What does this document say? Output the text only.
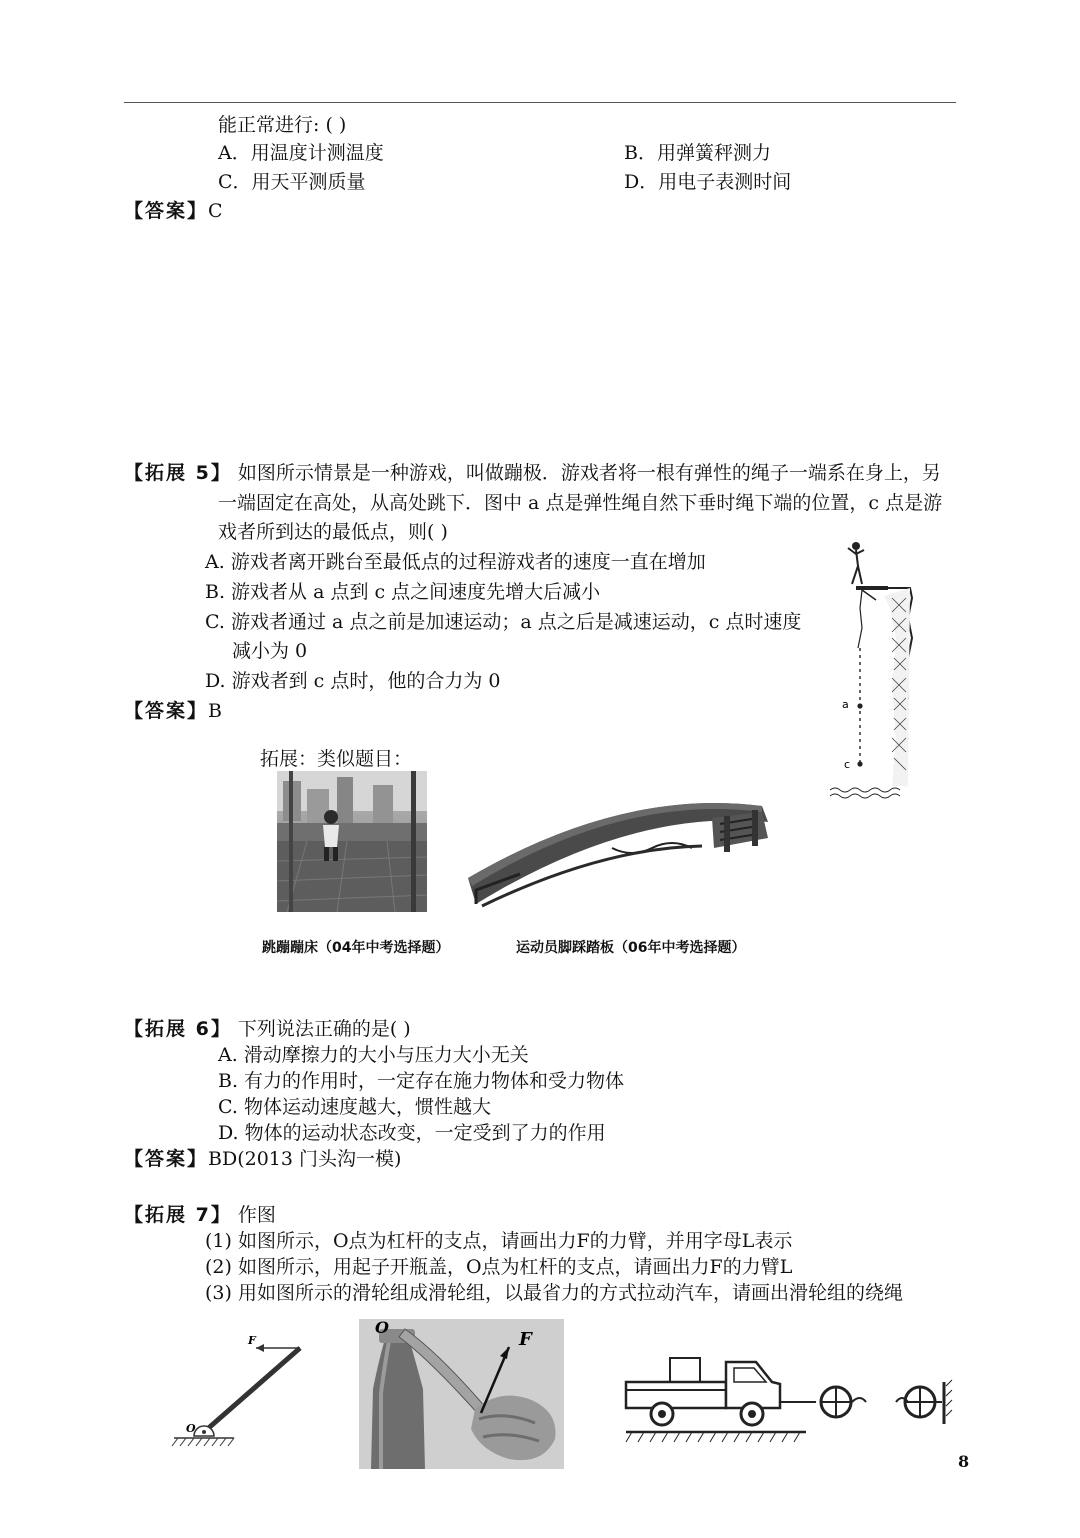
能正常进行: ( )
A．用温度计测温度	B．用弹簧秤测力
C．用天平测质量	D．用电子表测时间
【答案】C
【拓展 5】 如图所示情景是一种游戏，叫做蹦极．游戏者将一根有弹性的绳子一端系在身上，另
一端固定在高处，从高处跳下．图中 a 点是弹性绳自然下垂时绳下端的位置，c 点是游
戏者所到达的最低点，则( )
A. 游戏者离开跳台至最低点的过程游戏者的速度一直在增加
B. 游戏者从 a 点到 c 点之间速度先增大后减小
C. 游戏者通过 a 点之前是加速运动；a 点之后是减速运动，c 点时速度
减小为 0
D. 游戏者到 c 点时，他的合力为 0
【答案】B	a
c
拓展：类似题目：
跳蹦蹦床（04年中考选择题）	运动员脚踩踏板（06年中考选择题）
【拓展 6】 下列说法正确的是( )
A. 滑动摩擦力的大小与压力大小无关
B. 有力的作用时，一定存在施力物体和受力物体
C. 物体运动速度越大，惯性越大
D. 物体的运动状态改变，一定受到了力的作用
【答案】BD(2013 门头沟一模)
【拓展 7】 作图
(1) 如图所示，O点为杠杆的支点，请画出力F的力臂，并用字母L表示
(2) 如图所示，用起子开瓶盖，O点为杠杆的支点，请画出力F的力臂L
(3) 用如图所示的滑轮组成滑轮组，以最省力的方式拉动汽车，请画出滑轮组的绕绳
F
O
F
O
8
